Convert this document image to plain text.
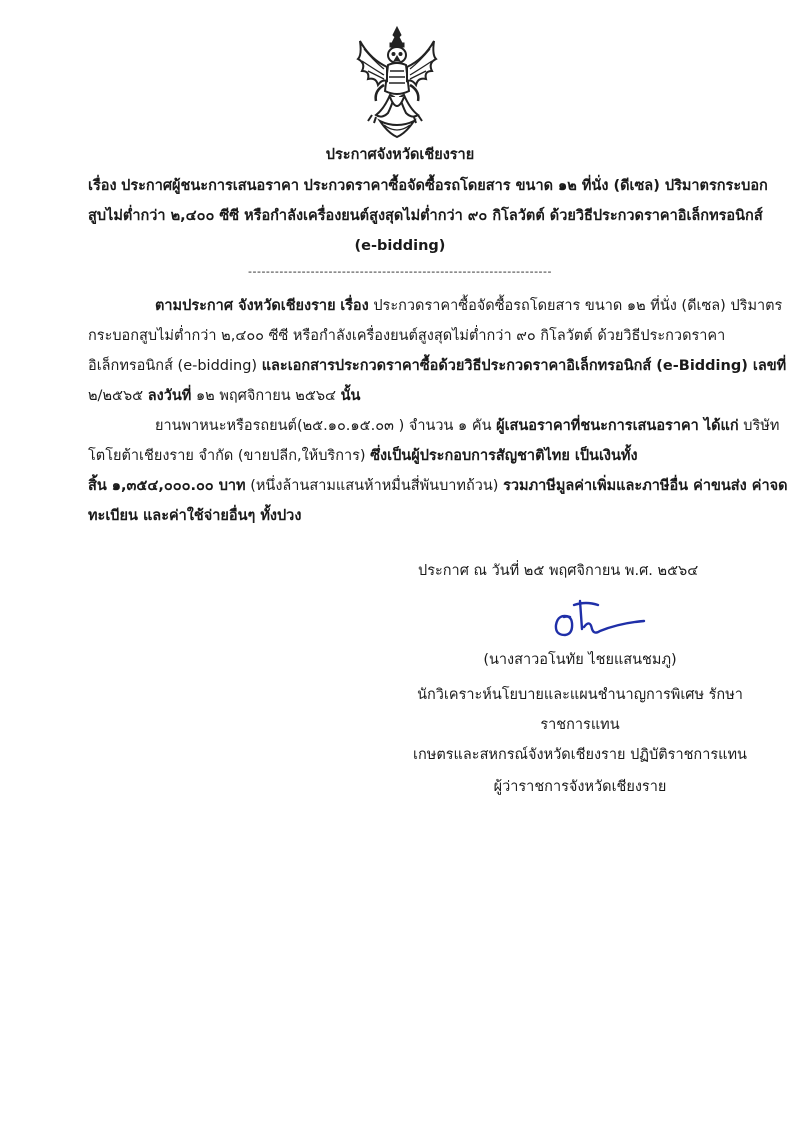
ประกาศจังหวัดเชียงราย
เรื่อง ประกาศผู้ชนะการเสนอราคา ประกวดราคาซื้อจัดซื้อรถโดยสาร ขนาด ๑๒ ที่นั่ง (ดีเซล) ปริมาตรกระบอก
สูบไม่ต่ำกว่า ๒,๔๐๐ ซีซี หรือกำลังเครื่องยนต์สูงสุดไม่ต่ำกว่า ๙๐ กิโลวัตต์ ด้วยวิธีประกวดราคาอิเล็กทรอนิกส์
(e-bidding)
--------------------------------------------------------------------
ตามประกาศ จังหวัดเชียงราย เรื่อง ประกวดราคาซื้อจัดซื้อรถโดยสาร ขนาด ๑๒ ที่นั่ง (ดีเซล) ปริมาตร
กระบอกสูบไม่ต่ำกว่า ๒,๔๐๐ ซีซี หรือกำลังเครื่องยนต์สูงสุดไม่ต่ำกว่า ๙๐ กิโลวัตต์ ด้วยวิธีประกวดราคา
อิเล็กทรอนิกส์ (e-bidding) และเอกสารประกวดราคาซื้อด้วยวิธีประกวดราคาอิเล็กทรอนิกส์ (e-Bidding) เลขที่
๒/๒๕๖๕ ลงวันที่ ๑๒ พฤศจิกายน ๒๕๖๔ นั้น
ยานพาหนะหรือรถยนต์(๒๕.๑๐.๑๕.๐๓ ) จำนวน ๑ คัน ผู้เสนอราคาที่ชนะการเสนอราคา ได้แก่ บริษัท
โตโยต้าเชียงราย จำกัด (ขายปลีก,ให้บริการ) ซึ่งเป็นผู้ประกอบการสัญชาติไทย เป็นเงินทั้ง
สิ้น ๑,๓๕๔,๐๐๐.๐๐ บาท (หนึ่งล้านสามแสนห้าหมื่นสี่พันบาทถ้วน) รวมภาษีมูลค่าเพิ่มและภาษีอื่น ค่าขนส่ง ค่าจด
ทะเบียน และค่าใช้จ่ายอื่นๆ ทั้งปวง
ประกาศ ณ วันที่ ๒๕ พฤศจิกายน พ.ศ. ๒๕๖๔
(นางสาวอโนทัย ไชยแสนชมภู)
นักวิเคราะห์นโยบายและแผนชำนาญการพิเศษ รักษา
ราชการแทน
เกษตรและสหกรณ์จังหวัดเชียงราย ปฏิบัติราชการแทน
ผู้ว่าราชการจังหวัดเชียงราย
